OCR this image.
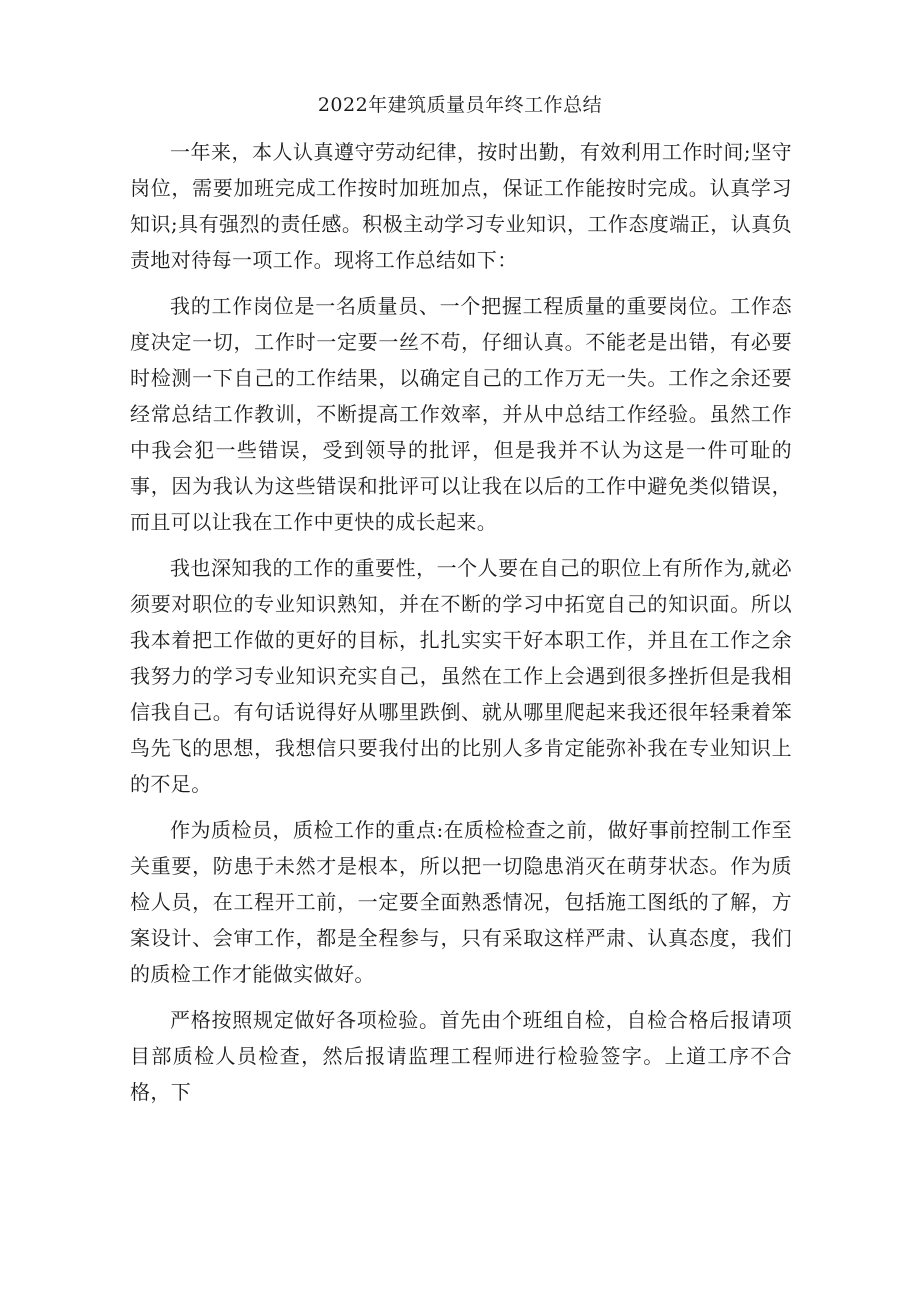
2022年建筑质量员年终工作总结

一年来，本人认真遵守劳动纪律，按时出勤，有效利用工作时间;坚守岗位，需要加班完成工作按时加班加点，保证工作能按时完成。认真学习知识;具有强烈的责任感。积极主动学习专业知识，工作态度端正，认真负责地对待每一项工作。现将工作总结如下：

我的工作岗位是一名质量员、一个把握工程质量的重要岗位。工作态度决定一切，工作时一定要一丝不苟，仔细认真。不能老是出错，有必要时检测一下自己的工作结果，以确定自己的工作万无一失。工作之余还要经常总结工作教训，不断提高工作效率，并从中总结工作经验。虽然工作中我会犯一些错误，受到领导的批评，但是我并不认为这是一件可耻的事，因为我认为这些错误和批评可以让我在以后的工作中避免类似错误，而且可以让我在工作中更快的成长起来。

我也深知我的工作的重要性，一个人要在自己的职位上有所作为,就必须要对职位的专业知识熟知，并在不断的学习中拓宽自己的知识面。所以我本着把工作做的更好的目标，扎扎实实干好本职工作，并且在工作之余我努力的学习专业知识充实自己，虽然在工作上会遇到很多挫折但是我相信我自己。有句话说得好从哪里跌倒、就从哪里爬起来我还很年轻秉着笨鸟先飞的思想，我想信只要我付出的比别人多肯定能弥补我在专业知识上的不足。

作为质检员，质检工作的重点:在质检检查之前，做好事前控制工作至关重要，防患于未然才是根本，所以把一切隐患消灭在萌芽状态。作为质检人员，在工程开工前，一定要全面熟悉情况，包括施工图纸的了解，方案设计、会审工作，都是全程参与，只有采取这样严肃、认真态度，我们的质检工作才能做实做好。

严格按照规定做好各项检验。首先由个班组自检，自检合格后报请项目部质检人员检查，然后报请监理工程师进行检验签字。上道工序不合格，下
